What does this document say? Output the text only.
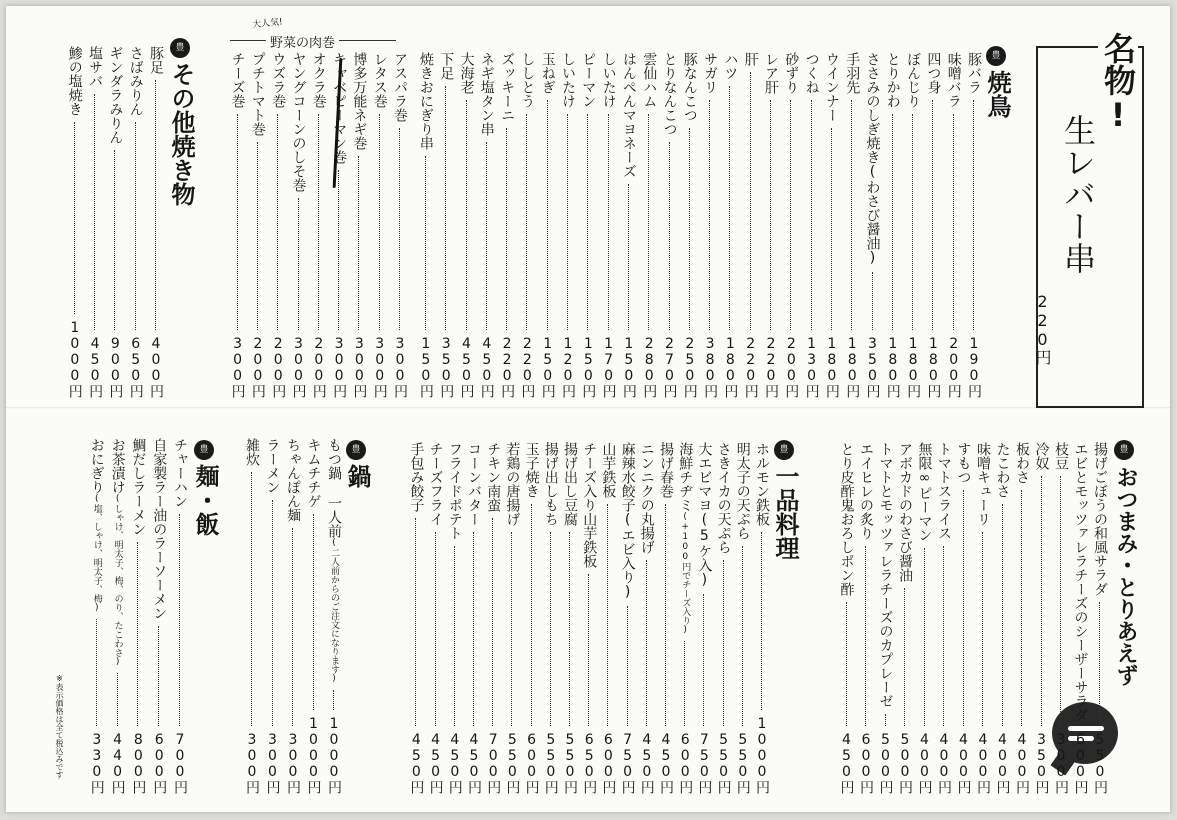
名物!
生レバー串
220円
豊
焼鳥
豊
その他焼き物
大人気!
野菜の肉巻
豊
おつまみ・とりあえず
豊
一品料理
豊
鍋
豊
麺・飯
※表示価格は全て税込みです
豚バラ
190円
味噌バラ
200円
四つ身
180円
ぼんじり
180円
とりかわ
180円
ささみのしぎ焼き(わさび醤油)
350円
手羽先
180円
ウインナー
180円
つくね
130円
砂ずり
200円
レア肝
220円
肝
220円
ハツ
180円
サガリ
380円
豚なんこつ
250円
とりなんこつ
270円
雲仙ハム
280円
はんぺんマヨネーズ
150円
しいたけ
170円
ピーマン
150円
しいたけ
120円
玉ねぎ
150円
ししとう
220円
ズッキーニ
220円
ネギ塩タン串
450円
大海老
450円
下足
350円
焼きおにぎり串
150円
アスパラ巻
300円
レタス巻
300円
博多万能ネギ巻
300円
キャベピーマン巻
300円
オクラ巻
200円
ヤングコーンのしそ巻
300円
ウズラ巻
200円
プチトマト巻
200円
チーズ巻
300円
豚足
400円
さばみりん
650円
ギンダラみりん
900円
塩サバ
450円
鯵の塩焼き
1000円
揚げごぼうの和風サラダ
550円
エビとモッツァレラチーズのシーザーサラダ
600円
枝豆
300円
冷奴
350円
板わさ
400円
たこわさ
400円
味噌キューリ
400円
すもつ
400円
トマトスライス
400円
無限∞ピーマン
400円
アボカドのわさび醤油
500円
トマトとモッツァレラチーズのカプレーゼ
500円
エイヒレの炙り
600円
とり皮酢鬼おろしポン酢
450円
ホルモン鉄板
1000円
明太子の天ぷら
550円
さきイカの天ぷら
550円
大エビマヨ(5ケ入)
750円
海鮮チヂミ(+100円でチーズ入り)
600円
揚げ春巻
450円
ニンニクの丸揚げ
450円
麻辣水餃子(エビ入り)
750円
山芋鉄板
600円
チーズ入り山芋鉄板
650円
揚げ出し豆腐
550円
揚げ出しもち
550円
玉子焼き
600円
若鶏の唐揚げ
550円
チキン南蛮
700円
コーンバター
450円
フライドポテト
450円
チーズフライ
450円
手包み餃子
450円
もつ鍋 一人前(二人前からのご注文になります)
1000円
キムチチゲ
1000円
ちゃんぽん麺
300円
ラーメン
300円
雑炊
300円
チャーハン
700円
自家製ラー油のラーソーメン
600円
鯛だしラーメン
800円
お茶漬け(しゃけ、明太子、梅、のり、たこわさ)
440円
おにぎり(塩、しゃけ、明太子、梅)
330円
